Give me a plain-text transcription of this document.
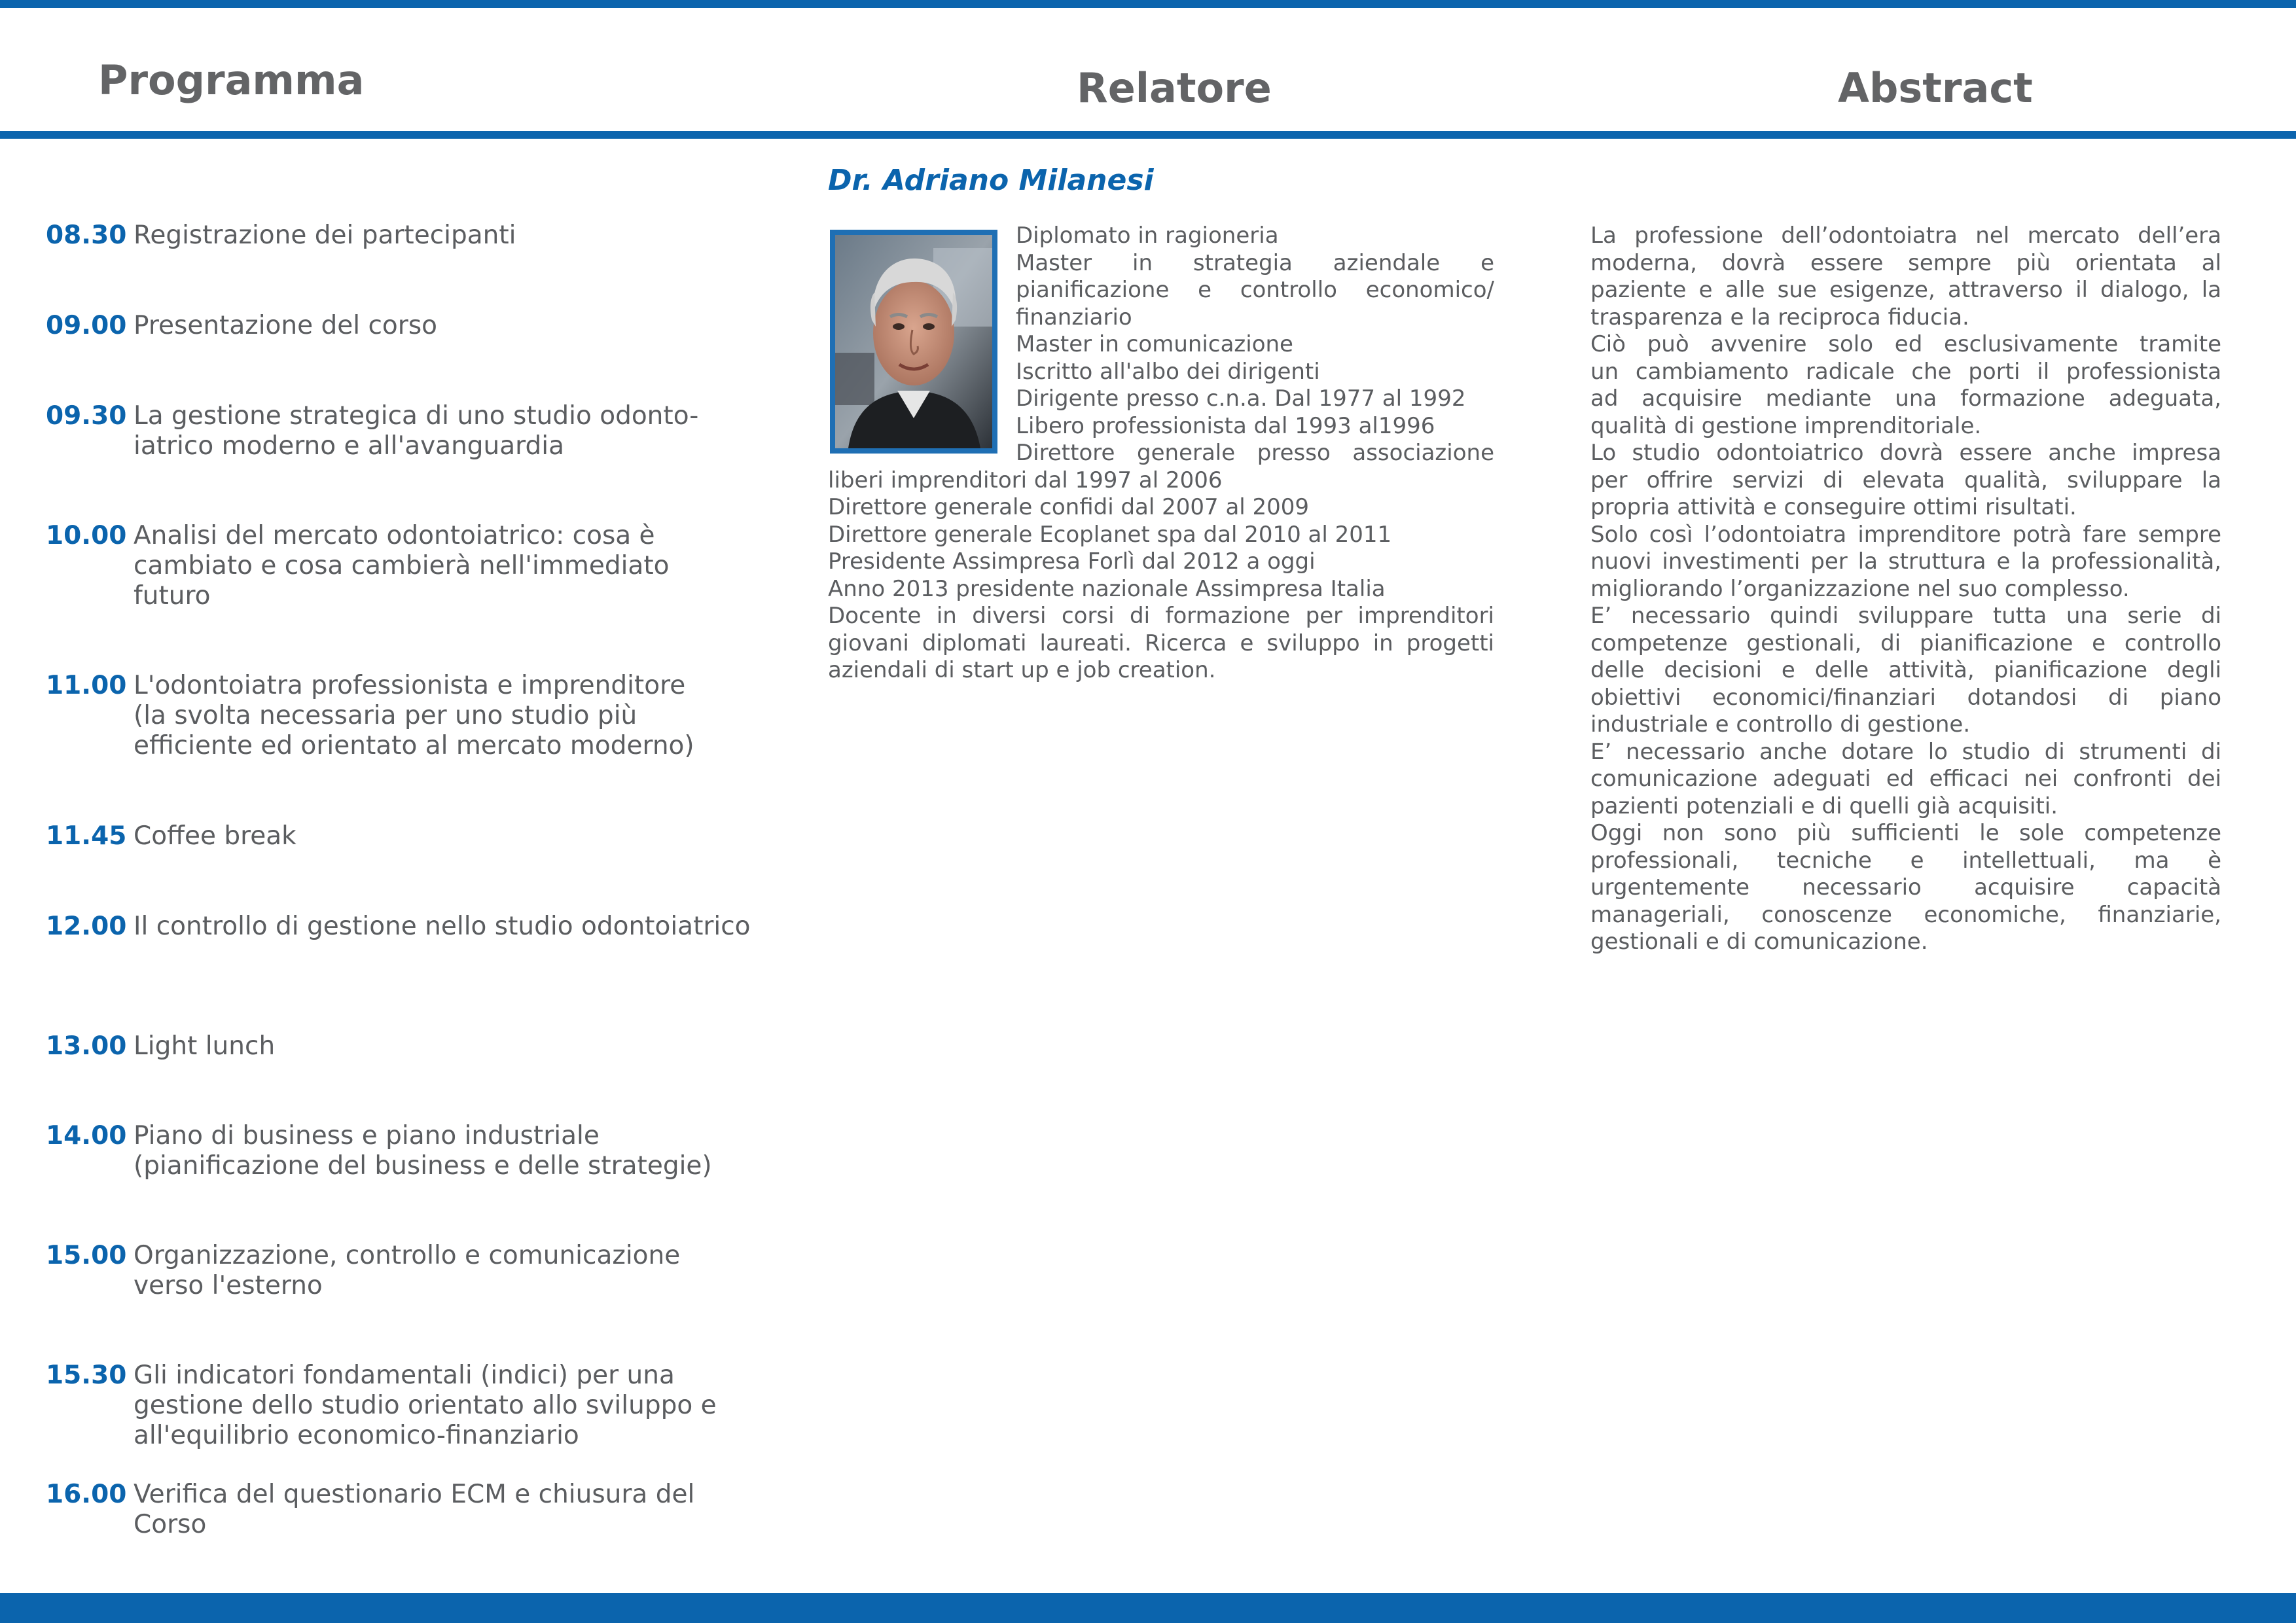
Programma	Relatore	Abstract
08.30 Registrazione dei partecipanti
09.00 Presentazione del corso
09.30 La gestione strategica di uno studio odonto-
iatrico moderno e all'avanguardia
10.00 Analisi del mercato odontoiatrico: cosa è
cambiato e cosa cambierà nell'immediato
futuro
11.00 L'odontoiatra professionista e imprenditore
(la svolta necessaria per uno studio più
efficiente ed orientato al mercato moderno)
11.45 Coffee break
12.00 Il controllo di gestione nello studio odontoiatrico
13.00 Light lunch
14.00 Piano di business e piano industriale
(pianificazione del business e delle strategie)
15.00 Organizzazione, controllo e comunicazione
verso l'esterno
15.30 Gli indicatori fondamentali (indici) per una
gestione dello studio orientato allo sviluppo e
all'equilibrio economico-finanziario
16.00 Verifica del questionario ECM e chiusura del
Corso
Dr. Adriano Milanesi
Diplomato in ragioneria
Master in strategia aziendale e
pianificazione e controllo economico/
finanziario
Master in comunicazione
Iscritto all'albo dei dirigenti
Dirigente presso c.n.a. Dal 1977 al 1992
Libero professionista dal 1993 al1996
Direttore generale presso associazione
liberi imprenditori dal 1997 al 2006
Direttore generale confidi dal 2007 al 2009
Direttore generale Ecoplanet spa dal 2010 al 2011
Presidente Assimpresa Forlì dal 2012 a oggi
Anno 2013 presidente nazionale Assimpresa Italia
Docente in diversi corsi di formazione per imprenditori
giovani diplomati laureati. Ricerca e sviluppo in progetti
aziendali di start up e job creation.
La professione dell’odontoiatra nel mercato dell’era
moderna, dovrà essere sempre più orientata al
paziente e alle sue esigenze, attraverso il dialogo, la
trasparenza e la reciproca fiducia.
Ciò può avvenire solo ed esclusivamente tramite
un cambiamento radicale che porti il professionista
ad acquisire mediante una formazione adeguata,
qualità di gestione imprenditoriale.
Lo studio odontoiatrico dovrà essere anche impresa
per offrire servizi di elevata qualità, sviluppare la
propria attività e conseguire ottimi risultati.
Solo così l’odontoiatra imprenditore potrà fare sempre
nuovi investimenti per la struttura e la professionalità,
migliorando l’organizzazione nel suo complesso.
E’ necessario quindi sviluppare tutta una serie di
competenze gestionali, di pianificazione e controllo
delle decisioni e delle attività, pianificazione degli
obiettivi economici/finanziari dotandosi di piano
industriale e controllo di gestione.
E’ necessario anche dotare lo studio di strumenti di
comunicazione adeguati ed efficaci nei confronti dei
pazienti potenziali e di quelli già acquisiti.
Oggi non sono più sufficienti le sole competenze
professionali, tecniche e intellettuali, ma è
urgentemente necessario acquisire capacità
manageriali, conoscenze economiche, finanziarie,
gestionali e di comunicazione.
